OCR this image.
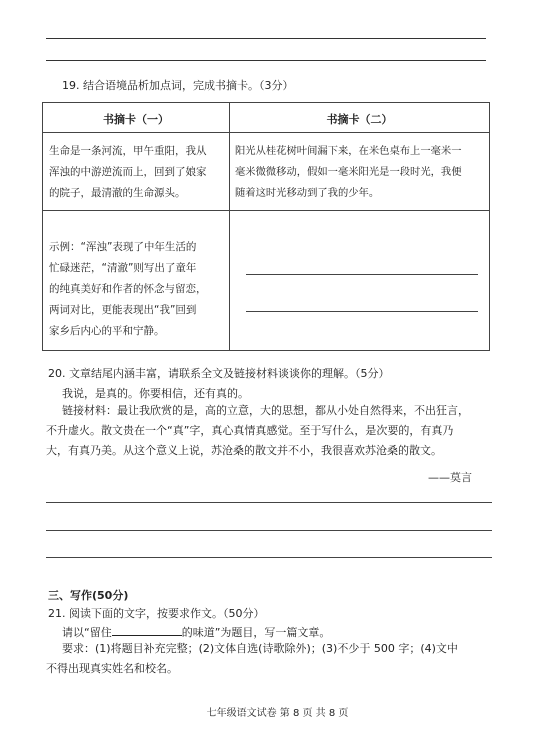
19. 结合语境品析加点词，完成书摘卡。（3分）
书摘卡（一）	书摘卡（二）
生命是一条河流，甲午重阳，我从
浑浊的中游逆流而上，回到了娘家
的院子，最清澈的生命源头。
阳光从桂花树叶间漏下来，在米色桌布上一毫米一
毫米微微移动，假如一毫米阳光是一段时光，我便
随着这时光移动到了我的少年。
示例：“浑浊”表现了中年生活的
忙碌迷茫，“清澈”则写出了童年
的纯真美好和作者的怀念与留恋，
两词对比，更能表现出“我”回到
家乡后内心的平和宁静。
20. 文章结尾内涵丰富，请联系全文及链接材料谈谈你的理解。（5分）
我说，是真的。你要相信，还有真的。
链接材料：最让我欣赏的是，高的立意，大的思想，都从小处自然得来，不出狂言，
不升虚火。散文贵在一个“真”字，真心真情真感觉。至于写什么，是次要的，有真乃
大，有真乃美。从这个意义上说，苏沧桑的散文并不小，我很喜欢苏沧桑的散文。
——莫言
三、写作(50分)
21. 阅读下面的文字，按要求作文。（50分）
请以“留住	的味道”为题目，写一篇文章。
要求：(1)将题目补充完整；(2)文体自选(诗歌除外)；(3)不少于 500 字；(4)文中
不得出现真实姓名和校名。
七年级语文试卷 第 8 页 共 8 页
